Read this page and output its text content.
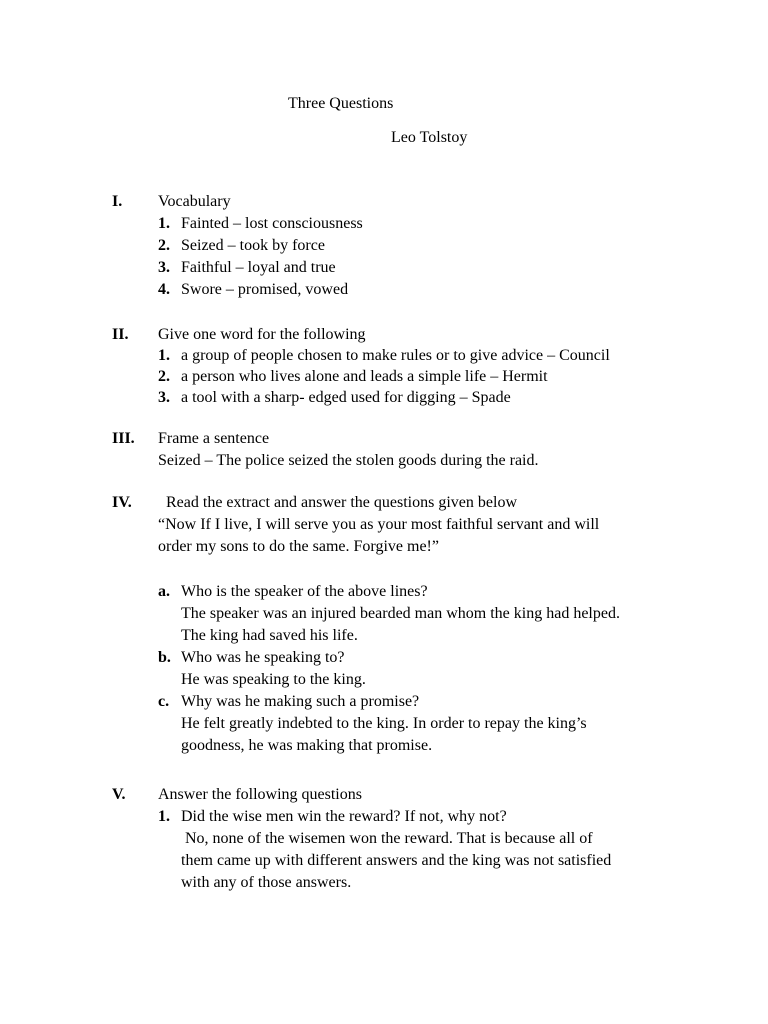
Three Questions
Leo Tolstoy
I. Vocabulary
1. Fainted – lost consciousness
2. Seized – took by force
3. Faithful – loyal and true
4. Swore – promised, vowed
II. Give one word for the following
1. a group of people chosen to make rules or to give advice – Council
2. a person who lives alone and leads a simple life – Hermit
3. a tool with a sharp- edged used for digging – Spade
III. Frame a sentence
Seized – The police seized the stolen goods during the raid.
IV. Read the extract and answer the questions given below
“Now If I live, I will serve you as your most faithful servant and will
order my sons to do the same. Forgive me!”
a. Who is the speaker of the above lines?
The speaker was an injured bearded man whom the king had helped.
The king had saved his life.
b. Who was he speaking to?
He was speaking to the king.
c. Why was he making such a promise?
He felt greatly indebted to the king. In order to repay the king’s
goodness, he was making that promise.
V. Answer the following questions
1. Did the wise men win the reward? If not, why not?
No, none of the wisemen won the reward. That is because all of
them came up with different answers and the king was not satisfied
with any of those answers.
